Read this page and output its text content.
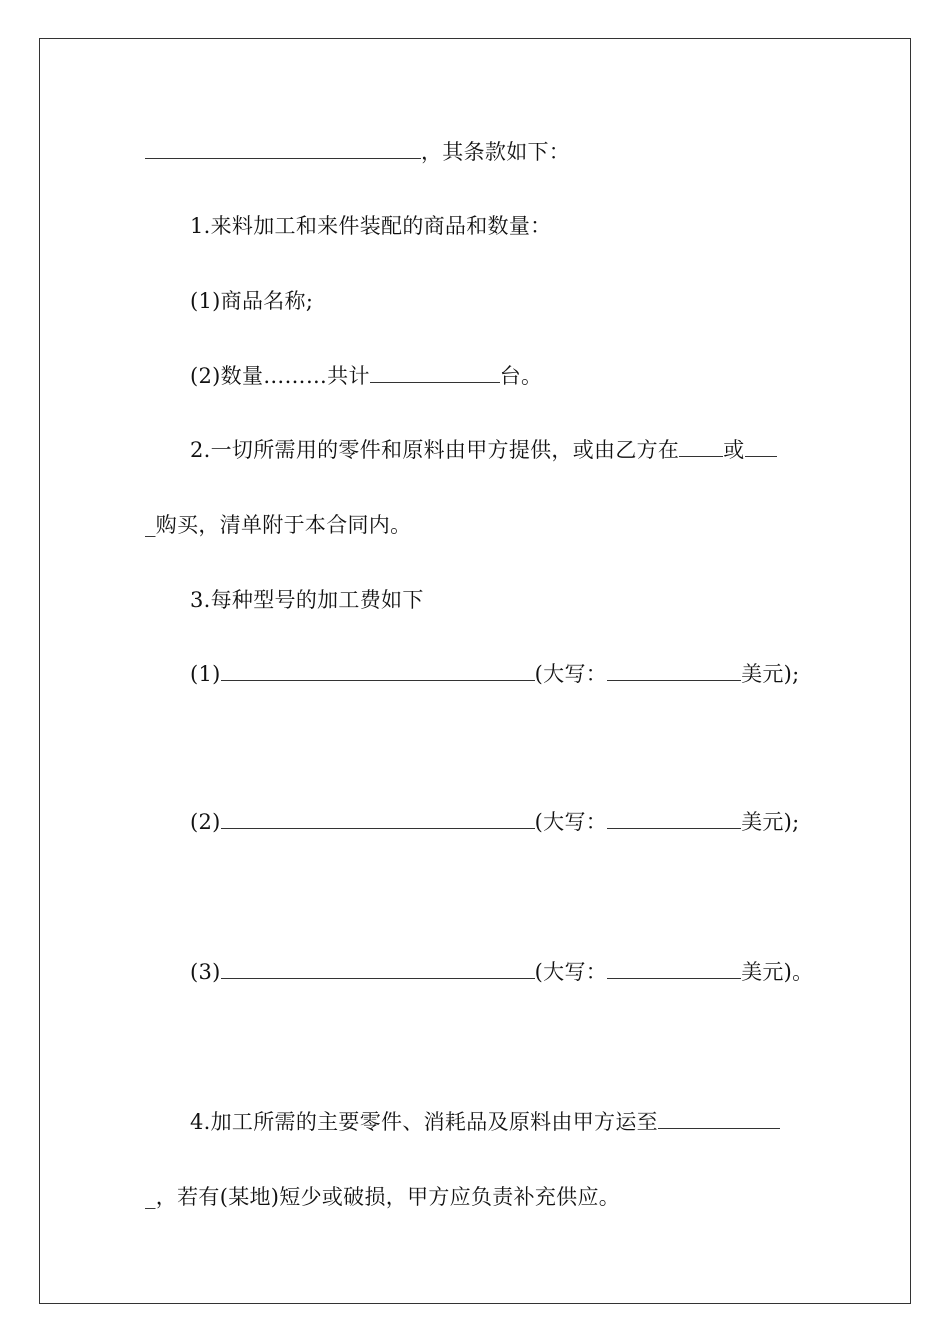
，其条款如下：
1.来料加工和来件装配的商品和数量：
(1)商品名称;
(2)数量………共计	台。
2.一切所需用的零件和原料由甲方提供，或由乙方在 或
_购买，清单附于本合同内。
3.每种型号的加工费如下
(1)	(大写：	美元);
(2)	(大写：	美元);
(3)	(大写：	美元)。
4.加工所需的主要零件、消耗品及原料由甲方运至
_，若有(某地)短少或破损，甲方应负责补充供应。
